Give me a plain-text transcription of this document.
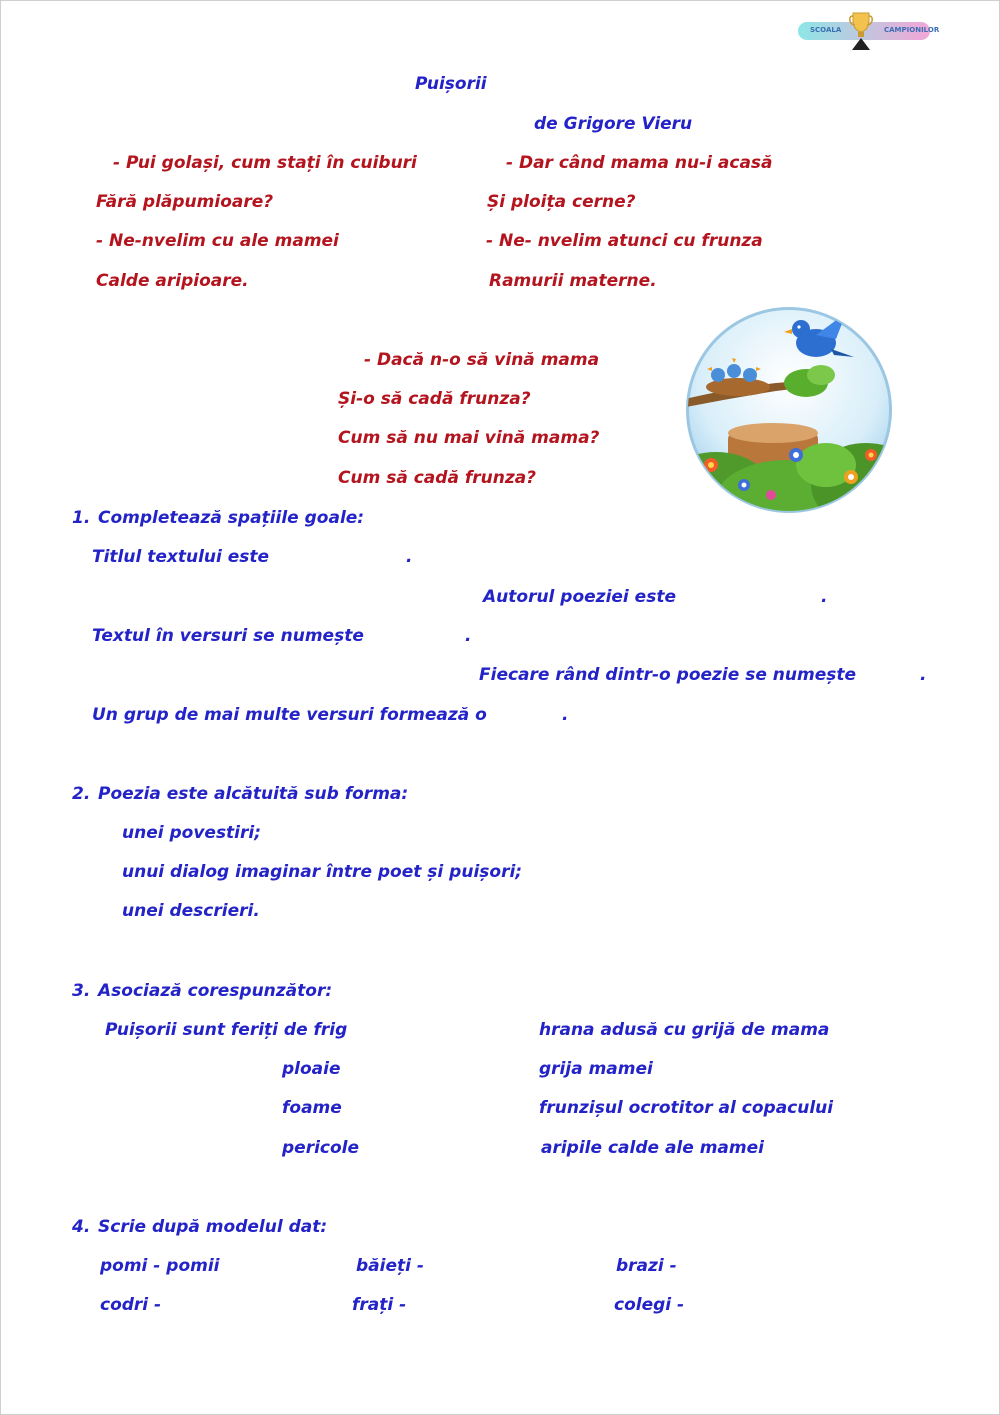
SCOALA	CAMPIONILOR
Puișorii
de Grigore Vieru
- Pui golași, cum stați în cuiburi
Fără plăpumioare?
- Ne-nvelim cu ale mamei
Calde aripioare.
- Dar când mama nu-i acasă
Și ploița cerne?
- Ne- nvelim atunci cu frunza
Ramurii materne.
- Dacă n-o să vină mama
Și-o să cadă frunza?
Cum să nu mai vină mama?
Cum să cadă frunza?
1. Completează spațiile goale:
Titlul textului este	.
Autorul poeziei este	.
Textul în versuri se numește	.
Fiecare rând dintr-o poezie se numește	.
Un grup de mai multe versuri formează o	.
2. Poezia este alcătuită sub forma:
unei povestiri;
unui dialog imaginar între poet și puișori;
unei descrieri.
3. Asociază corespunzător:
Puișorii sunt feriți de frig
ploaie
foame
pericole
hrana adusă cu grijă de mama
grija mamei
frunzișul ocrotitor al copacului
aripile calde ale mamei
4. Scrie după modelul dat:
pomi - pomii	băieți -	brazi -
codri -	frați -	colegi -
